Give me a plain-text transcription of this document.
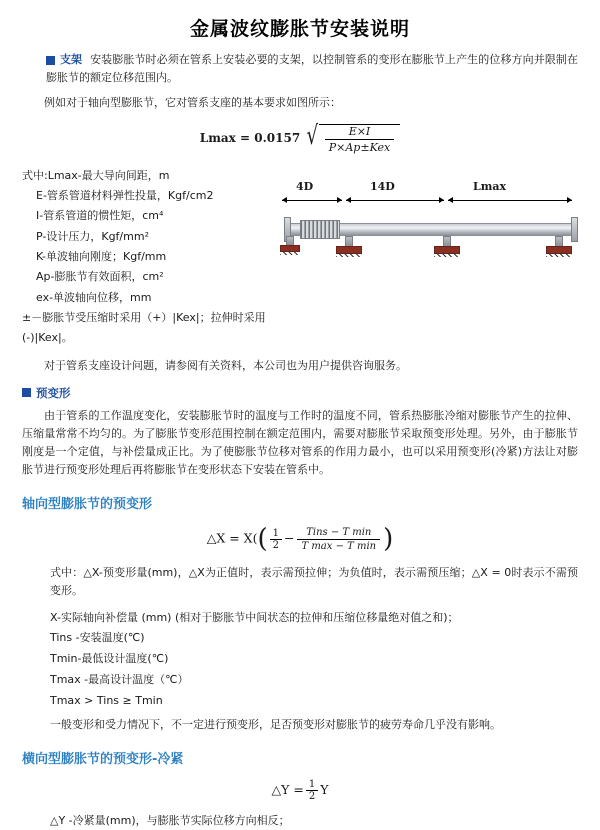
金属波纹膨胀节安装说明
支架 安装膨胀节时必须在管系上安装必要的支架，以控制管系的变形在膨胀节上产生的位移方向并限制在膨胀节的额定位移范围内。

例如对于轴向型膨胀节，它对管系支座的基本要求如图所示：

Lmax = 0.0157 √ $\frac{E\times I}{\text{P×Ap±Kex}}$
式中:Lmax-最大导向间距，m
E-管系管道材料弹性投量，Kgf/cm2
I-管系管道的惯性矩，cm⁴
P-设计压力，Kgf/mm²
K-单波轴向刚度；Kgf/mm
Ap-膨胀节有效面积，cm²
ex-单波轴向位移，mm
±－膨胀节受压缩时采用（+）|Kex|；拉伸时采用(-)|Kex|。
4D	14D	Lmax

对于管系支座设计问题，请参阅有关资料，本公司也为用户提供咨询服务。

预变形

由于管系的工作温度变化，安装膨胀节时的温度与工作时的温度不同，管系热膨胀冷缩对膨胀节产生的拉伸、压缩量常常不均匀的。为了膨胀节变形范围控制在额定范围内，需要对膨胀节采取预变形处理。另外，由于膨胀节刚度是一个定值，与补偿量成正比。为了使膨胀节位移对管系的作用力最小，也可以采用预变形(冷紧)方法让对膨胀节进行预变形处理后再将膨胀节在变形状态下安装在管系中。

轴向型膨胀节的预变形
△X = $X(( \frac{1}{2}$ −	Tins − T min
T max − T min )

式中：△X-预变形量(mm)，△X为正值时，表示需预拉伸；为负值时，表示需预压缩；△X = 0时表示不需预变形。

X-实际轴向补偿量 (mm) (相对于膨胀节中间状态的拉伸和压缩位移量绝对值之和)；
Tins -安装温度(℃)
Tmin-最低设计温度(℃)
Tmax -最高设计温度（℃）
Tmax > Tins ≥ Tmin
一般变形和受力情况下，不一定进行预变形，足否预变形对膨胀节的疲劳寿命几乎没有影响。
横向型膨胀节的预变形-冷紧
△Y = $\frac{1}{2}$ Y
△Y -冷紧量(mm)，与膨胀节实际位移方向相反；
